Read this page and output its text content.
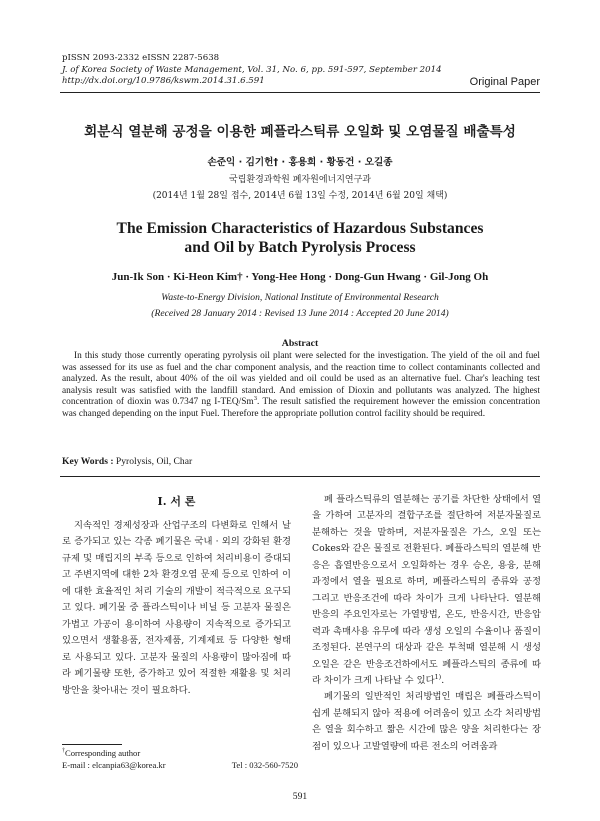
pISSN 2093-2332 eISSN 2287-5638
J. of Korea Society of Waste Management, Vol. 31, No. 6, pp. 591-597, September 2014
http://dx.doi.org/10.9786/kswm.2014.31.6.591	Original Paper
회분식 열분해 공정을 이용한 폐플라스틱류 오일화 및 오염물질 배출특성
손준익 · 김기헌† · 홍용희 · 황동건 · 오길종
국립환경과학원 폐자원에너지연구과
(2014년 1월 28일 접수, 2014년 6월 13일 수정, 2014년 6월 20일 채택)
The Emission Characteristics of Hazardous Substances
and Oil by Batch Pyrolysis Process
Jun-Ik Son · Ki-Heon Kim† · Yong-Hee Hong · Dong-Gun Hwang · Gil-Jong Oh
Waste-to-Energy Division, National Institute of Environmental Research
(Received 28 January 2014 : Revised 13 June 2014 : Accepted 20 June 2014)
Abstract

In this study those currently operating pyrolysis oil plant were selected for the investigation. The yield of the oil and fuel was assessed for its use as fuel and the char component analysis, and the reaction time to collect contaminants collected and analyzed. As the result, about 40% of the oil was yielded and oil could be used as an alternative fuel. Char's leaching test analysis result was satisfied with the landfill standard. And emission of Dioxin and pollutants was analyzed. The highest concentration of dioxin was 0.7347 ng I-TEQ/Sm$^3$. The result satisfied the requirement however the emission concentration was changed depending on the input Fuel. Therefore the appropriate pollution control facility should be required.

Key Words : Pyrolysis, Oil, Char
I. 서 론

지속적인 경제성장과 산업구조의 다변화로 인해서 날로 증가되고 있는 각종 폐기물은 국내 · 외의 강화된 환경규제 및 매립지의 부족 등으로 인하여 처리비용이 증대되고 주변지역에 대한 2차 환경오염 문제 등으로 인하여 이에 대한 효율적인 처리 기술의 개발이 적극적으로 요구되고 있다. 폐기물 중 플라스틱이나 비닐 등 고분자 물질은 가볍고 가공이 용이하여 사용량이 지속적으로 증가되고 있으면서 생활용품, 전자제품, 기계제료 등 다양한 형태로 사용되고 있다. 고분자 물질의 사용량이 많아짐에 따라 폐기물량 또한, 증가하고 있어 적절한 재활용 및 처리방안을 찾아내는 것이 필요하다.

폐 플라스틱류의 열분해는 공기를 차단한 상태에서 열을 가하여 고분자의 결합구조를 절단하여 저분자물질로 분해하는 것을 말하며, 저분자물질은 가스, 오일 또는 Cokes와 같은 물질로 전환된다. 폐플라스틱의 열분해 반응은 흡열반응으로서 오일화하는 경우 승온, 용융, 분해과정에서 열을 필요로 하며, 폐플라스틱의 종류와 공정 그리고 반응조건에 따라 차이가 크게 나타난다. 열분해 반응의 주요인자로는 가열방법, 온도, 반응시간, 반응압력과 촉매사용 유무에 따라 생성 오일의 수율이나 품질이 조정된다. 본연구의 대상과 같은 투척때 열분해 시 생성오일은 같은 반응조건하에서도 폐플라스틱의 종류에 따라 차이가 크게 나타날 수 있다$^{1)}$.

폐기물의 일반적인 처리방법인 매립은 폐플라스틱이 쉽게 분해되지 않아 적용에 어려움이 있고 소각 처리방법은 열을 회수하고 짧은 시간에 많은 양을 처리한다는 장점이 있으나 고발열량에 따른 전소의 어려움과

†Corresponding author
E-mail : elcanpia63@korea.kr	Tel : 032-560-7520
591
